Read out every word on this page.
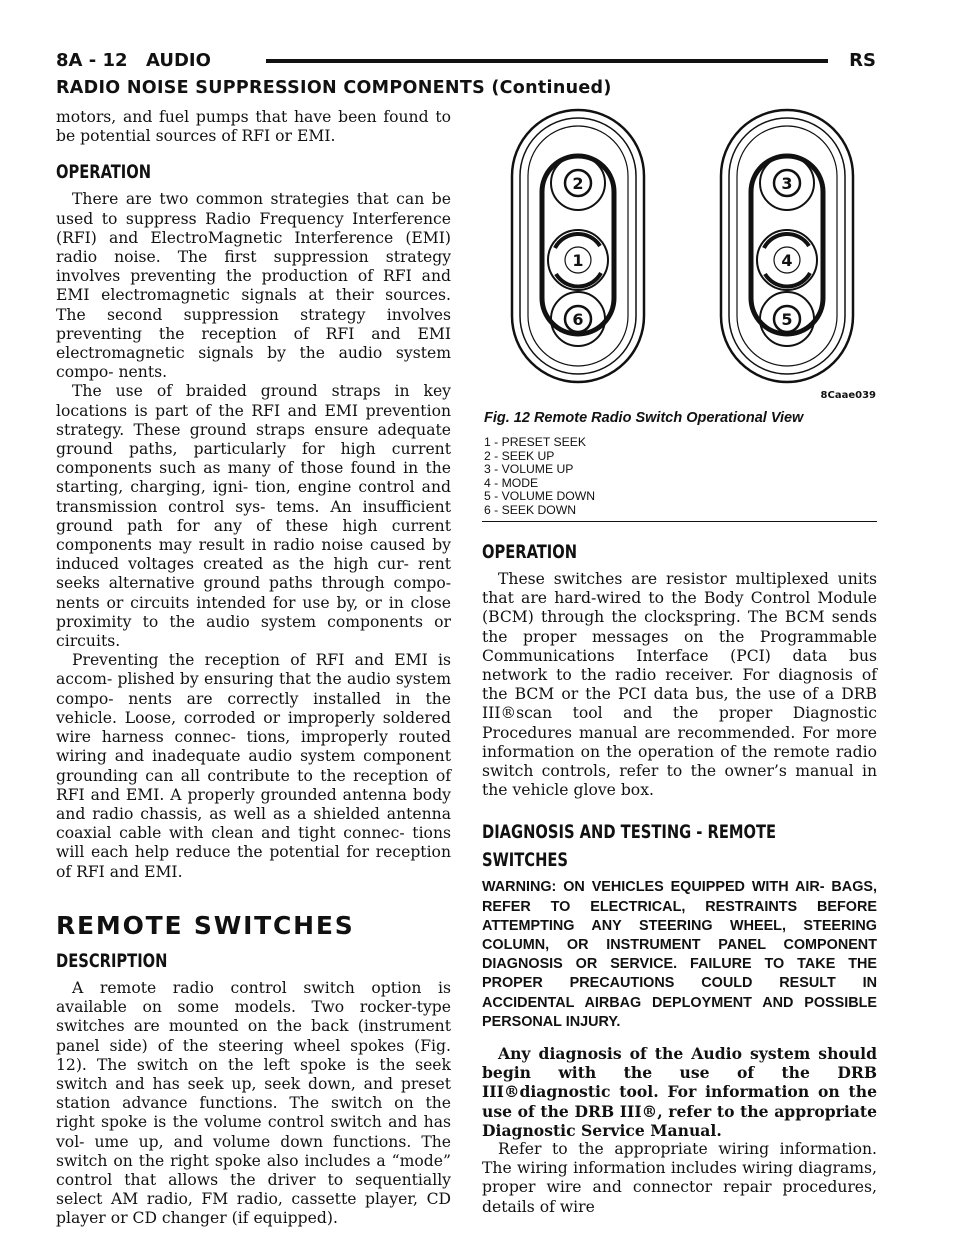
8A - 12 AUDIO	RS
RADIO NOISE SUPPRESSION COMPONENTS (Continued)

motors, and fuel pumps that have been found to be potential sources of RFI or EMI.

OPERATION

There are two common strategies that can be used to suppress Radio Frequency Interference (RFI) and ElectroMagnetic Interference (EMI) radio noise. The first suppression strategy involves preventing the production of RFI and EMI electromagnetic signals at their sources. The second suppression strategy involves preventing the reception of RFI and EMI electromagnetic signals by the audio system compo- nents.

The use of braided ground straps in key locations is part of the RFI and EMI prevention strategy. These ground straps ensure adequate ground paths, particularly for high current components such as many of those found in the starting, charging, igni- tion, engine control and transmission control sys- tems. An insufficient ground path for any of these high current components may result in radio noise caused by induced voltages created as the high cur- rent seeks alternative ground paths through compo- nents or circuits intended for use by, or in close proximity to the audio system components or circuits.

Preventing the reception of RFI and EMI is accom- plished by ensuring that the audio system compo- nents are correctly installed in the vehicle. Loose, corroded or improperly soldered wire harness connec- tions, improperly routed wiring and inadequate audio system component grounding can all contribute to the reception of RFI and EMI. A properly grounded antenna body and radio chassis, as well as a shielded antenna coaxial cable with clean and tight connec- tions will each help reduce the potential for reception of RFI and EMI.

REMOTE SWITCHES
DESCRIPTION

A remote radio control switch option is available on some models. Two rocker-type switches are mounted on the back (instrument panel side) of the steering wheel spokes (Fig. 12). The switch on the left spoke is the seek switch and has seek up, seek down, and preset station advance functions. The switch on the right spoke is the volume control switch and has vol- ume up, and volume down functions. The switch on the right spoke also includes a “mode” control that allows the driver to sequentially select AM radio, FM radio, cassette player, CD player or CD changer (if equipped).

2
1
6
3
4
5
8Caae039
Fig. 12 Remote Radio Switch Operational View
1 - PRESET SEEK
2 - SEEK UP
3 - VOLUME UP
4 - MODE
5 - VOLUME DOWN
6 - SEEK DOWN
OPERATION

These switches are resistor multiplexed units that are hard-wired to the Body Control Module (BCM) through the clockspring. The BCM sends the proper messages on the Programmable Communications Interface (PCI) data bus network to the radio receiver. For diagnosis of the BCM or the PCI data bus, the use of a DRB III®scan tool and the proper Diagnostic Procedures manual are recommended. For more information on the operation of the remote radio switch controls, refer to the owner’s manual in the vehicle glove box.

DIAGNOSIS AND TESTING - REMOTE
SWITCHES

WARNING: ON VEHICLES EQUIPPED WITH AIR- BAGS, REFER TO ELECTRICAL, RESTRAINTS BEFORE ATTEMPTING ANY STEERING WHEEL, STEERING COLUMN, OR INSTRUMENT PANEL COMPONENT DIAGNOSIS OR SERVICE. FAILURE TO TAKE THE PROPER PRECAUTIONS COULD RESULT IN ACCIDENTAL AIRBAG DEPLOYMENT AND POSSIBLE PERSONAL INJURY.

Any diagnosis of the Audio system should begin with the use of the DRB III®diagnostic tool. For information on the use of the DRB III®, refer to the appropriate Diagnostic Service Manual.

Refer to the appropriate wiring information. The wiring information includes wiring diagrams, proper wire and connector repair procedures, details of wire
